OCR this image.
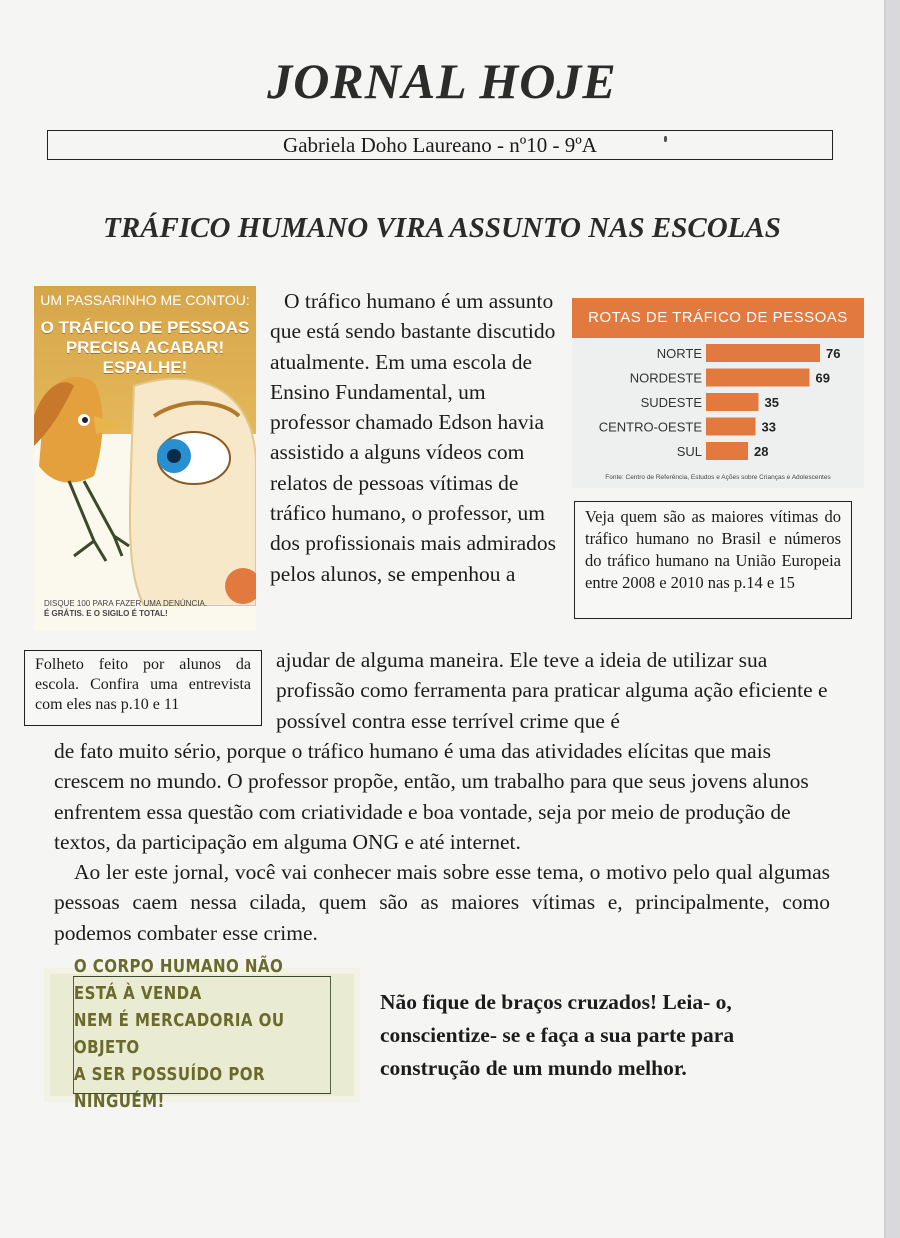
JORNAL HOJE
Gabriela Doho Laureano - nº10 - 9ºA
TRÁFICO HUMANO VIRA ASSUNTO NAS ESCOLAS
UM PASSARINHO ME CONTOU:
O TRÁFICO DE PESSOAS
PRECISA ACABAR!
ESPALHE!
DISQUE 100 PARA FAZER UMA DENÚNCIA.
É GRÁTIS. E O SIGILO É TOTAL!
Folheto feito por alunos da escola. Confira uma entrevista com eles nas p.10 e 11

O tráfico humano é um assunto que está sendo bastante discutido atualmente. Em uma escola de Ensino Fundamental, um professor chamado Edson havia assistido a alguns vídeos com relatos de pessoas vítimas de tráfico humano, o professor, um dos profissionais mais admirados pelos alunos, se empenhou a

ajudar de alguma maneira. Ele teve a ideia de utilizar sua profissão como ferramenta para praticar alguma ação eficiente e possível contra esse terrível crime que é

de fato muito sério, porque o tráfico humano é uma das atividades elícitas que mais crescem no mundo. O professor propõe, então, um trabalho para que seus jovens alunos enfrentem essa questão com criatividade e boa vontade, seja por meio de produção de textos, da participação em alguma ONG e até internet.

Ao ler este jornal, você vai conhecer mais sobre esse tema, o motivo pelo qual algumas pessoas caem nessa cilada, quem são as maiores vítimas e, principalmente, como podemos combater esse crime.

ROTAS DE TRÁFICO DE PESSOAS
NORTE	76
NORDESTE	69
SUDESTE	35
CENTRO-OESTE	33
SUL	28
Fonte: Centro de Referência, Estudos e Ações sobre Crianças e Adolescentes
Veja quem são as maiores vítimas do tráfico humano no Brasil e números do tráfico humano na União Europeia entre 2008 e 2010 nas p.14 e 15
O CORPO HUMANO NÃO ESTÁ À VENDA
NEM É MERCADORIA OU OBJETO
A SER POSSUÍDO POR NINGUÉM!
Não fique de braços cruzados! Leia- o, conscientize- se e faça a sua parte para construção de um mundo melhor.
